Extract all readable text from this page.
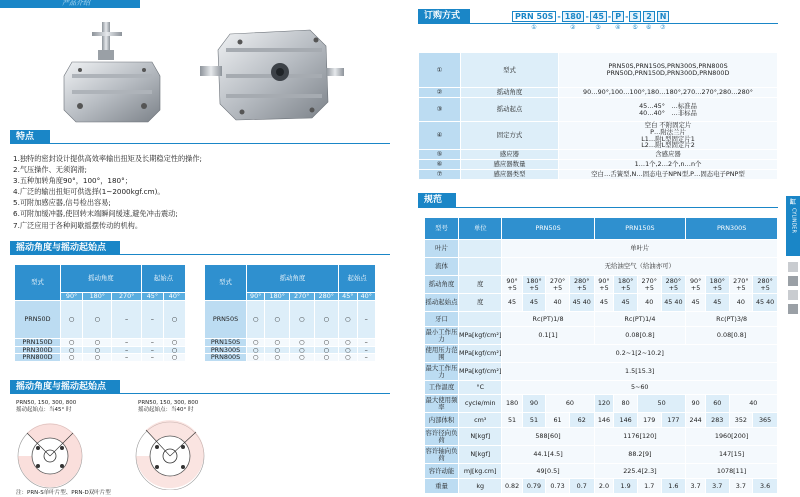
产品介绍
特点
1.独特的密封设计提供高效率输出扭矩及长期稳定性的操作;
2.气压操作、无须润滑;
3.五种加转角度90°，100°，180°；
4.广泛的输出扭矩可供选择(1~2000kgf.cm)。
5.可附加感应器,信号检出容易;
6.可附加缓冲器,使回转末端瞬间缓速,避免冲击震动;
7.广泛应用于各种间歇摇摆传动的机构。
摇动角度与摇动起始点
型式	摇动角度			起始点	
	90°	180°	270°	45°	40°
PRN50D	○	○	–	–	○
PRN150D	○	○	–	–	○
PRN300D	○	○	–	–	○
PRN800D	○	○	–	–	○
型式	摇动角度				起始点	
	90°	180°	270°	280°	45°	40°
PRN50S	○	○	○	○	○	–
PRN150S	○	○	○	○	○	–
PRN300S	○	○	○	○	○	–
PRN800S	○	○	○	○	○	–
摇动角度与摇动起始点
PRN50, 150, 300, 800
摇动起始点：当45° 时
PRN50, 150, 300, 800
摇动起始点：当40° 时
注：PRN-S单叶片型、PRN-D双叶片型
订购方式	PRN 50S - 180 - 45 - P - S	2	N
①	②	③ ④ ⑤ ⑥ ⑦
①	型式	PRN50S,PRN150S,PRN300S,PRN800S
PRN50D,PRN150D,PRN300D,PRN800D

②	摇动角度	90…90°,100…100°,180…180°,270…270°,280…280°

③	摇动起点	45…45°　…标准品
40…40°　…非标品

④	固定方式	空白 不附固定片
P…附法兰片
L1…附L型固定片1
L2…附L型固定片2

⑤	感应器	含感应器

⑥	感应器数量	1…1个,2…2个,n…n个

⑦	感应器类型	空白…舌簧型,N…固态电子NPN型,P…固态电子PNP型
规范
型号	单位	PRN50S				PRN150S				PRN300S			
叶片		单叶片											
流体		无给油空气（给油亦可）											
摇动角度	度	90°+5	180°+5	270°+5	280°+5	90°+5	180°+5	270°+5	280°+5	90°+5	180°+5	270°+5	280°+5
摇动起始点	度	45	45	40	45 40	45	45	40	45 40	45	45	40	45 40
牙口		Rc(PT)1/8				Rc(PT)1/4				Rc(PT)3/8			
最小工作压力	MPa[kgf/cm²]	0.1[1]				0.08[0.8]				0.08[0.8]			
使用压力范围	MPa[kgf/cm²]	0.2~1[2~10.2]											
最大工作压力	MPa[kgf/cm²]	1.5[15.3]											
工作温度	°C	5~60											
最大使用频率	cycle/min	180	90	60		120	80	50		90	60	40	
内部体积	cm³	51	51	61	62	146	146	179	177	244	283	352	365
容许径向负荷	N[kgf]	588[60]				1176[120]				1960[200]			
容许轴向负荷	N[kgf]	44.1[4.5]				88.2[9]				147[15]			
容许动能	mJ[kg.cm]	49[0.5]				225.4[2.3]				1078[11]			
重量	kg	0.82	0.79	0.73	0.7	2.0	1.9	1.7	1.6	3.7	3.7	3.7	3.6
缸
CYLINDER
